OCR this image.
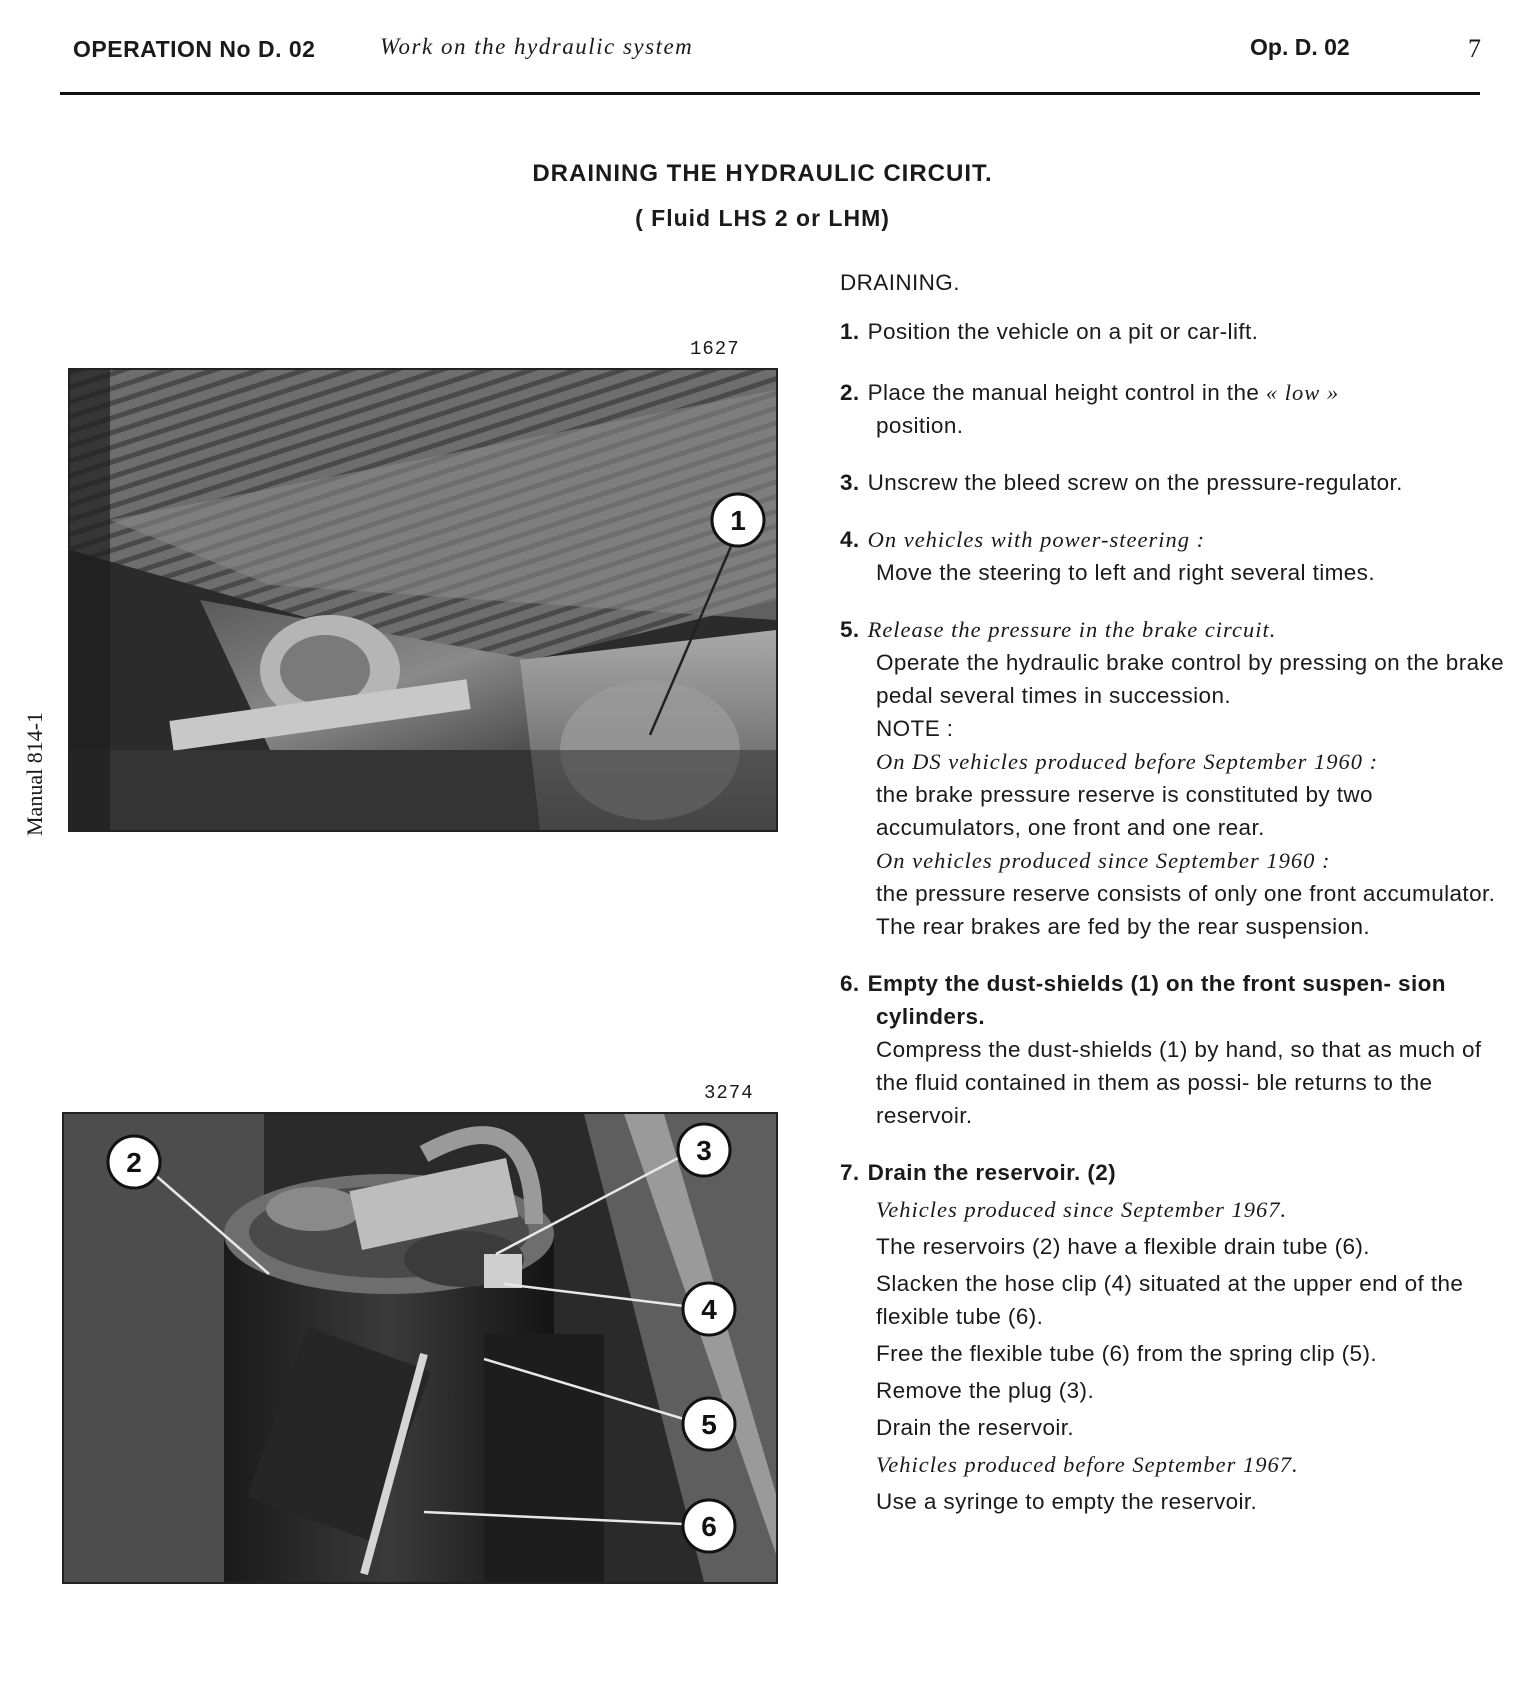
OPERATION No D. 02	Work on the hydraulic system	Op. D. 02	7
DRAINING THE HYDRAULIC CIRCUIT.
( Fluid LHS 2 or LHM)
Manual 814-1
1627
1
3274
2	3
4
5
6

DRAINING.

1. Position the vehicle on a pit or car-lift.

2. Place the manual height control in the « low »

position.

3. Unscrew the bleed screw on the pressure-regulator.

4. On vehicles with power-steering :

Move the steering to left and right several times.

5. Release the pressure in the brake circuit.

Operate the hydraulic brake control by pressing on the brake pedal several times in succession.

NOTE :

On DS vehicles produced before September 1960 :

the brake pressure reserve is constituted by two accumulators, one front and one rear.

On vehicles produced since September 1960 :

the pressure reserve consists of only one front accumulator. The rear brakes are fed by the rear suspension.

6. Empty the dust-shields (1) on the front suspen- sion cylinders.

Compress the dust-shields (1) by hand, so that as much of the fluid contained in them as possi- ble returns to the reservoir.

7. Drain the reservoir. (2)

Vehicles produced since September 1967.

The reservoirs (2) have a flexible drain tube (6).

Slacken the hose clip (4) situated at the upper end of the flexible tube (6).

Free the flexible tube (6) from the spring clip (5).

Remove the plug (3).

Drain the reservoir.

Vehicles produced before September 1967.

Use a syringe to empty the reservoir.
